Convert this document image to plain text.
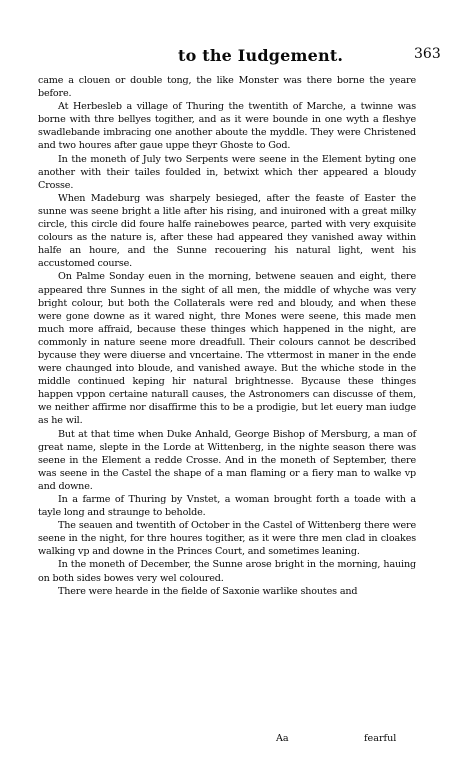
to the Iudgement.	363

came a clouen or double tong, the like Monster was there borne the yeare before.

At Herbesleb a village of Thuring the twentith of Marche, a twinne was borne with thre bellyes togither, and as it were bounde in one wyth a fleshye swadlebande imbracing one another aboute the myddle. They were Christened and two houres after gaue uppe theyr Ghoste to God.

In the moneth of July two Serpents were seene in the Element byting one another with their tailes foulded in, betwixt which ther appeared a bloudy Crosse.

When Madeburg was sharpely besieged, after the feaste of Easter the sunne was seene bright a litle after his rising, and inuironed with a great milky circle, this circle did foure halfe rainebowes pearce, parted with very exquisite colours as the nature is, after these had appeared they vanished away within halfe an houre, and the Sunne recouering his natural light, went his accustomed course.

On Palme Sonday euen in the morning, betwene seauen and eight, there appeared thre Sunnes in the sight of all men, the middle of whyche was very bright colour, but both the Collaterals were red and bloudy, and when these were gone downe as it wared night, thre Mones were seene, this made men much more affraid, because these thinges which happened in the night, are commonly in nature seene more dreadfull. Their colours cannot be described bycause they were diuerse and vncertaine. The vttermost in maner in the ende were chaunged into bloude, and vanished awaye. But the whiche stode in the middle continued keping hir natural brightnesse. Bycause these thinges happen vppon certaine naturall causes, the Astronomers can discusse of them, we neither affirme nor disaffirme this to be a prodigie, but let euery man iudge as he wil.

But at that time when Duke Anhald, George Bishop of Mersburg, a man of great name, slepte in the Lorde at Wittenberg, in the nighte season there was seene in the Element a redde Crosse. And in the moneth of September, there was seene in the Castel the shape of a man flaming or a fiery man to walke vp and downe.

In a farme of Thuring by Vnstet, a woman brought forth a toade with a tayle long and straunge to beholde.

The seauen and twentith of October in the Castel of Wittenberg there were seene in the night, for thre houres togither, as it were thre men clad in cloakes walking vp and downe in the Princes Court, and sometimes leaning.

In the moneth of December, the Sunne arose bright in the morning, hauing on both sides bowes very wel coloured.

There were hearde in the fielde of Saxonie warlike shoutes and

Aa	fearful
